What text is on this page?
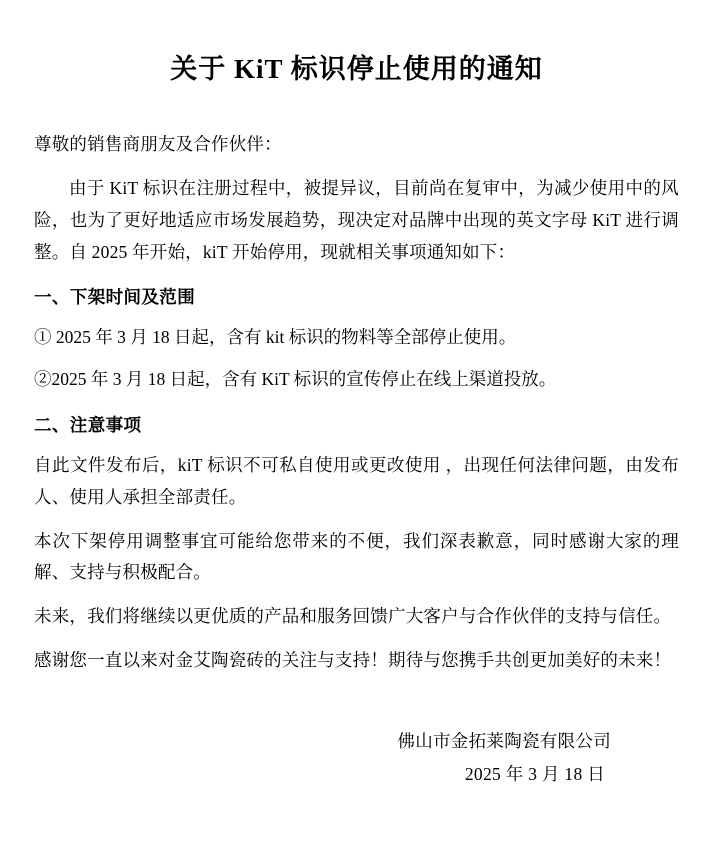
关于 KiT 标识停止使用的通知

尊敬的销售商朋友及合作伙伴：

由于 KiT 标识在注册过程中，被提异议，目前尚在复审中，为减少使用中的风险，也为了更好地适应市场发展趋势，现决定对品牌中出现的英文字母 KiT 进行调整。自 2025 年开始，kiT 开始停用，现就相关事项通知如下：

一、下架时间及范围
① 2025 年 3 月 18 日起，含有 kit 标识的物料等全部停止使用。
②2025 年 3 月 18 日起，含有 KiT 标识的宣传停止在线上渠道投放。
二、注意事项

自此文件发布后，kiT 标识不可私自使用或更改使用 ，出现任何法律问题，由发布人、使用人承担全部责任。

本次下架停用调整事宜可能给您带来的不便，我们深表歉意，同时感谢大家的理解、支持与积极配合。

未来，我们将继续以更优质的产品和服务回馈广大客户与合作伙伴的支持与信任。

感谢您一直以来对金艾陶瓷砖的关注与支持！期待与您携手共创更加美好的未来！

佛山市金拓莱陶瓷有限公司
2025 年 3 月 18 日
